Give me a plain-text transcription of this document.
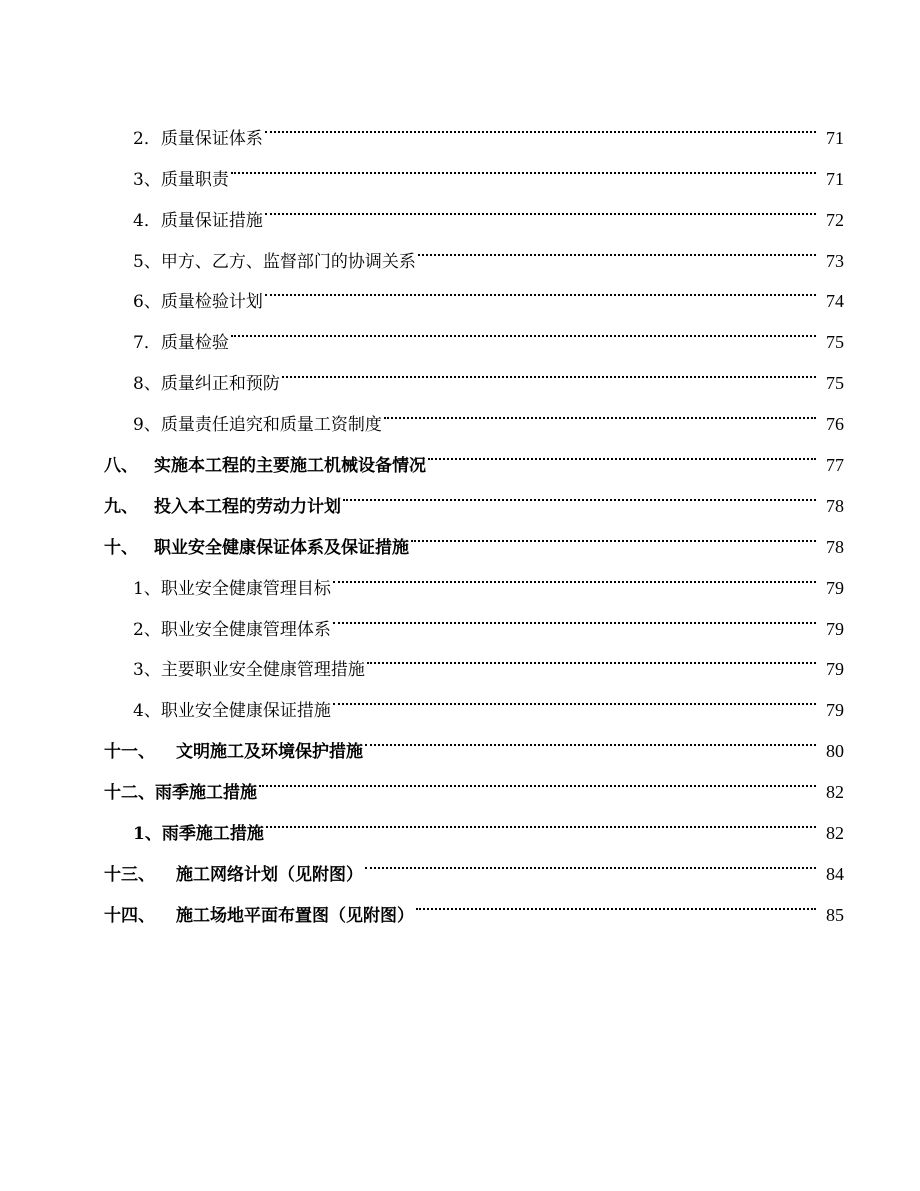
2． 质量保证体系	71
3、 质量职责	71
4． 质量保证措施	72
5、 甲方、乙方、监督部门的协调关系	73
6、 质量检验计划	74
7． 质量检验	75
8、 质量纠正和预防	75
9、 质量责任追究和质量工资制度	76
八、 实施本工程的主要施工机械设备情况	77
九、 投入本工程的劳动力计划	78
十、 职业安全健康保证体系及保证措施	78
1、 职业安全健康管理目标	79
2、 职业安全健康管理体系	79
3、 主要职业安全健康管理措施	79
4、 职业安全健康保证措施	79
十一、	文明施工及环境保护措施	80
十二、 雨季施工措施	82
1、 雨季施工措施	82
十三、	施工网络计划（见附图）	84
十四、	施工场地平面布置图（见附图）	85
